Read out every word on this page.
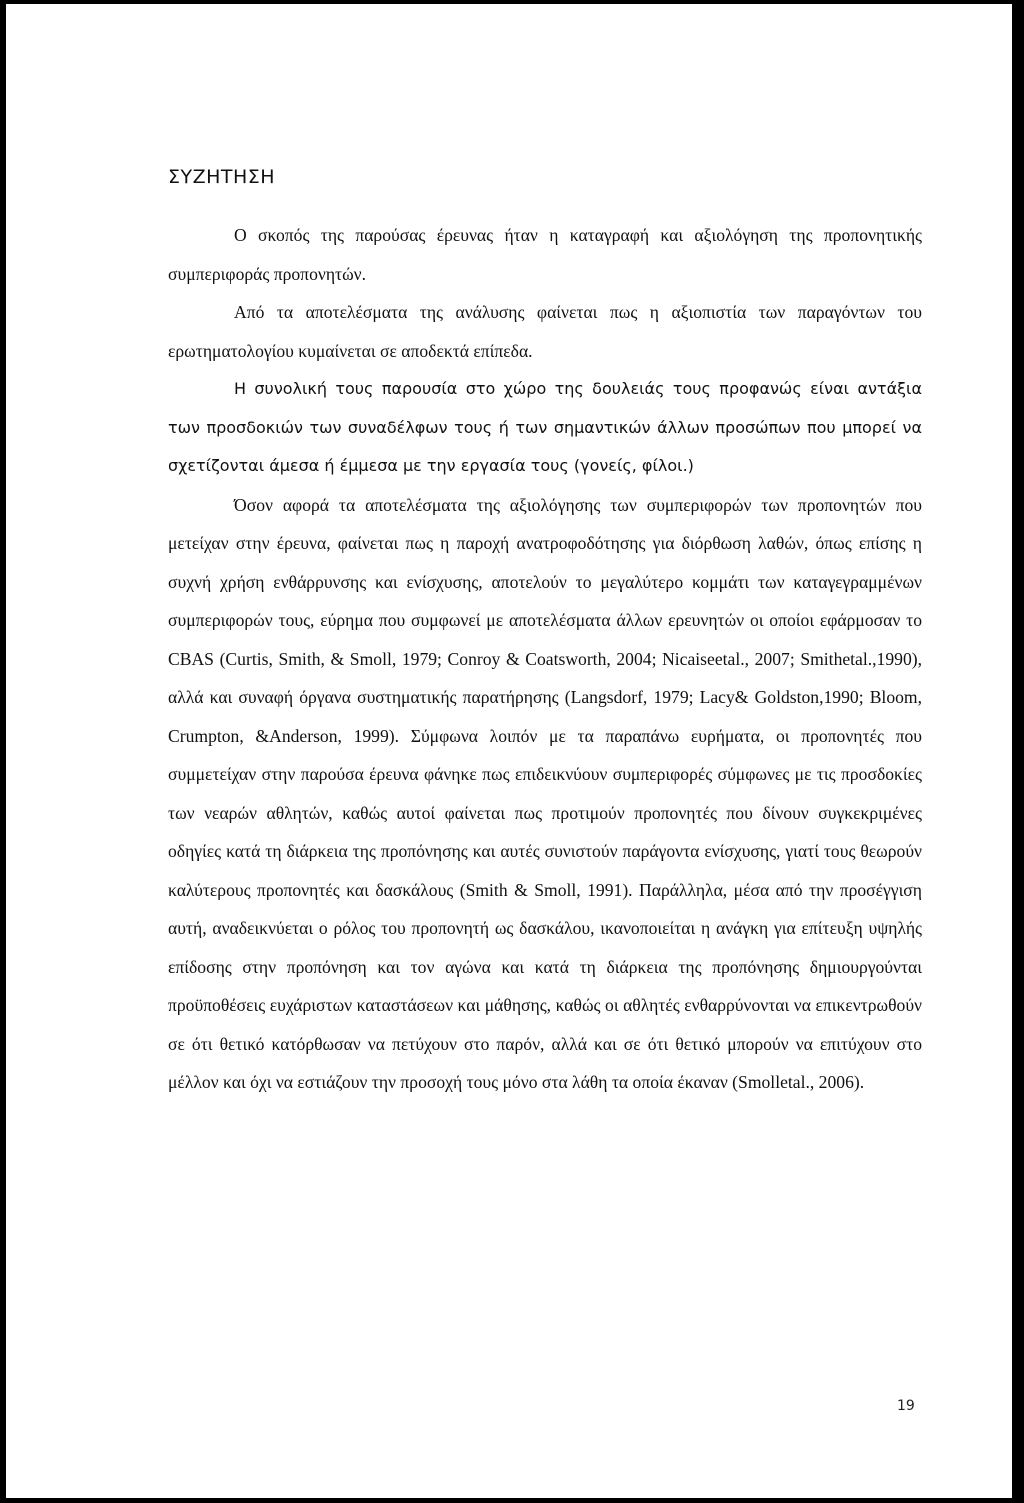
ΣΥΖΗΤΗΣΗ

Ο σκοπός της παρούσας έρευνας ήταν η καταγραφή και αξιολόγηση της προπονητικής συμπεριφοράς προπονητών.

Από τα αποτελέσματα της ανάλυσης φαίνεται πως η αξιοπιστία των παραγόντων του ερωτηματολογίου κυμαίνεται σε αποδεκτά επίπεδα.

Η συνολική τους παρουσία στο χώρο της δουλειάς τους προφανώς είναι αντάξια των προσδοκιών των συναδέλφων τους ή των σημαντικών άλλων προσώπων που μπορεί να σχετίζονται άμεσα ή έμμεσα με την εργασία τους (γονείς, φίλοι.)

Όσον αφορά τα αποτελέσματα της αξιολόγησης των συμπεριφορών των προπονητών που μετείχαν στην έρευνα, φαίνεται πως η παροχή ανατροφοδότησης για διόρθωση λαθών, όπως επίσης η συχνή χρήση ενθάρρυνσης και ενίσχυσης, αποτελούν το μεγαλύτερο κομμάτι των καταγεγραμμένων συμπεριφορών τους, εύρημα που συμφωνεί με αποτελέσματα άλλων ερευνητών οι οποίοι εφάρμοσαν το CBAS (Curtis, Smith, & Smoll, 1979; Conroy & Coatsworth, 2004; Nicaiseetal., 2007; Smithetal.,1990), αλλά και συναφή όργανα συστηματικής παρατήρησης (Langsdorf, 1979; Lacy& Goldston,1990; Bloom, Crumpton, &Anderson, 1999). Σύμφωνα λοιπόν με τα παραπάνω ευρήματα, οι προπονητές που συμμετείχαν στην παρούσα έρευνα φάνηκε πως επιδεικνύουν συμπεριφορές σύμφωνες με τις προσδοκίες των νεαρών αθλητών, καθώς αυτοί φαίνεται πως προτιμούν προπονητές που δίνουν συγκεκριμένες οδηγίες κατά τη διάρκεια της προπόνησης και αυτές συνιστούν παράγοντα ενίσχυσης, γιατί τους θεωρούν καλύτερους προπονητές και δασκάλους (Smith & Smoll, 1991). Παράλληλα, μέσα από την προσέγγιση αυτή, αναδεικνύεται ο ρόλος του προπονητή ως δασκάλου, ικανοποιείται η ανάγκη για επίτευξη υψηλής επίδοσης στην προπόνηση και τον αγώνα και κατά τη διάρκεια της προπόνησης δημιουργούνται προϋποθέσεις ευχάριστων καταστάσεων και μάθησης, καθώς οι αθλητές ενθαρρύνονται να επικεντρωθούν σε ότι θετικό κατόρθωσαν να πετύχουν στο παρόν, αλλά και σε ότι θετικό μπορούν να επιτύχουν στο μέλλον και όχι να εστιάζουν την προσοχή τους μόνο στα λάθη τα οποία έκαναν (Smolletal., 2006).

19
